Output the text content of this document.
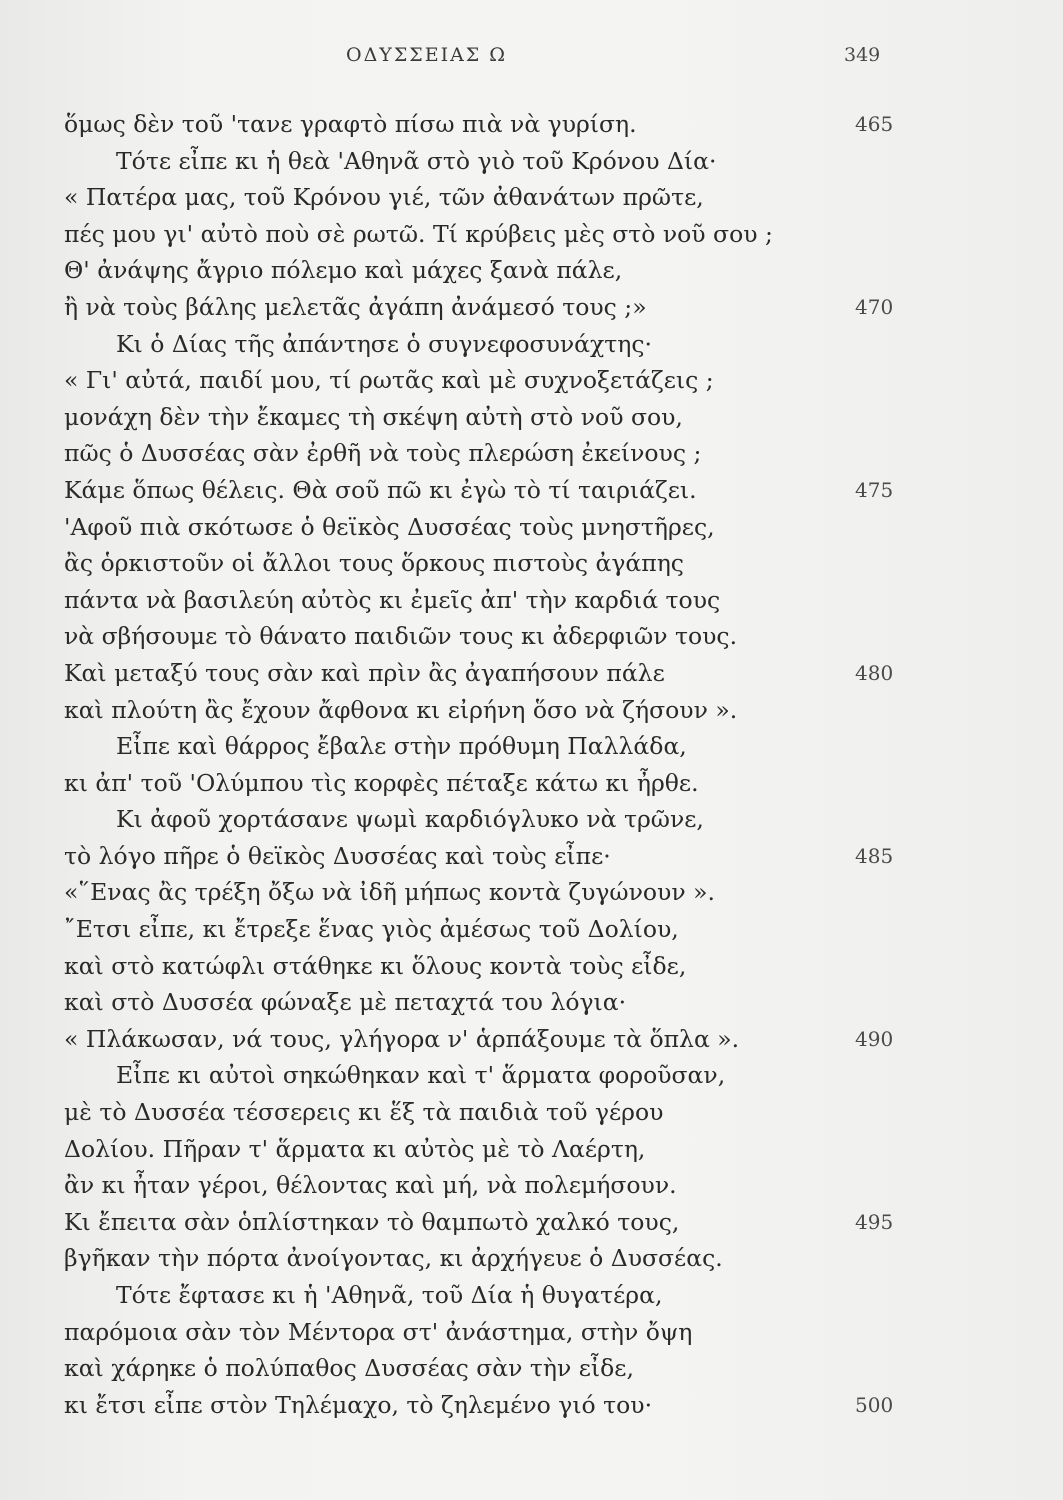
ΟΔΥΣΣΕΙΑΣ Ω	349
ὅμως δὲν τοῦ 'τανε γραφτὸ πίσω πιὰ νὰ γυρίση.	465
Τότε εἶπε κι ἡ θεὰ 'Αθηνᾶ στὸ γιὸ τοῦ Κρόνου Δία·
« Πατέρα μας, τοῦ Κρόνου γιέ, τῶν ἀθανάτων πρῶτε,
πές μου γι' αὐτὸ ποὺ σὲ ρωτῶ. Τί κρύβεις μὲς στὸ νοῦ σου ;
Θ' ἀνάψης ἄγριο πόλεμο καὶ μάχες ξανὰ πάλε,
ἢ νὰ τοὺς βάλης μελετᾶς ἀγάπη ἀνάμεσό τους ;»	470
Κι ὁ Δίας τῆς ἀπάντησε ὁ συγνεφοσυνάχτης·
« Γι' αὐτά, παιδί μου, τί ρωτᾶς καὶ μὲ συχνοξετάζεις ;
μονάχη δὲν τὴν ἔκαμες τὴ σκέψη αὐτὴ στὸ νοῦ σου,
πῶς ὁ Δυσσέας σὰν ἐρθῆ νὰ τοὺς πλερώση ἐκείνους ;
Κάμε ὅπως θέλεις. Θὰ σοῦ πῶ κι ἐγὼ τὸ τί ταιριάζει.	475
'Αφοῦ πιὰ σκότωσε ὁ θεϊκὸς Δυσσέας τοὺς μνηστῆρες,
ἂς ὁρκιστοῦν οἱ ἄλλοι τους ὅρκους πιστοὺς ἀγάπης
πάντα νὰ βασιλεύη αὐτὸς κι ἐμεῖς ἀπ' τὴν καρδιά τους
νὰ σβήσουμε τὸ θάνατο παιδιῶν τους κι ἀδερφιῶν τους.
Καὶ μεταξύ τους σὰν καὶ πρὶν ἂς ἀγαπήσουν πάλε	480
καὶ πλούτη ἂς ἔχουν ἄφθονα κι εἰρήνη ὅσο νὰ ζήσουν ».
Εἶπε καὶ θάρρος ἔβαλε στὴν πρόθυμη Παλλάδα,
κι ἀπ' τοῦ 'Ολύμπου τὶς κορφὲς πέταξε κάτω κι ἦρθε.
Κι ἀφοῦ χορτάσανε ψωμὶ καρδιόγλυκο νὰ τρῶνε,
τὸ λόγο πῆρε ὁ θεϊκὸς Δυσσέας καὶ τοὺς εἶπε·	485
«῞Ενας ἂς τρέξη ὄξω νὰ ἰδῆ μήπως κοντὰ ζυγώνουν ».
῎Ετσι εἶπε, κι ἔτρεξε ἕνας γιὸς ἀμέσως τοῦ Δολίου,
καὶ στὸ κατώφλι στάθηκε κι ὅλους κοντὰ τοὺς εἶδε,
καὶ στὸ Δυσσέα φώναξε μὲ πεταχτά του λόγια·
« Πλάκωσαν, νά τους, γλήγορα ν' ἁρπάξουμε τὰ ὅπλα ».	490
Εἶπε κι αὐτοὶ σηκώθηκαν καὶ τ' ἅρματα φοροῦσαν,
μὲ τὸ Δυσσέα τέσσερεις κι ἕξ τὰ παιδιὰ τοῦ γέρου
Δολίου. Πῆραν τ' ἅρματα κι αὐτὸς μὲ τὸ Λαέρτη,
ἂν κι ἦταν γέροι, θέλοντας καὶ μή, νὰ πολεμήσουν.
Κι ἔπειτα σὰν ὁπλίστηκαν τὸ θαμπωτὸ χαλκό τους,	495
βγῆκαν τὴν πόρτα ἀνοίγοντας, κι ἀρχήγευε ὁ Δυσσέας.
Τότε ἔφτασε κι ἡ 'Αθηνᾶ, τοῦ Δία ἡ θυγατέρα,
παρόμοια σὰν τὸν Μέντορα στ' ἀνάστημα, στὴν ὄψη
καὶ χάρηκε ὁ πολύπαθος Δυσσέας σὰν τὴν εἶδε,
κι ἔτσι εἶπε στὸν Τηλέμαχο, τὸ ζηλεμένο γιό του·	500
